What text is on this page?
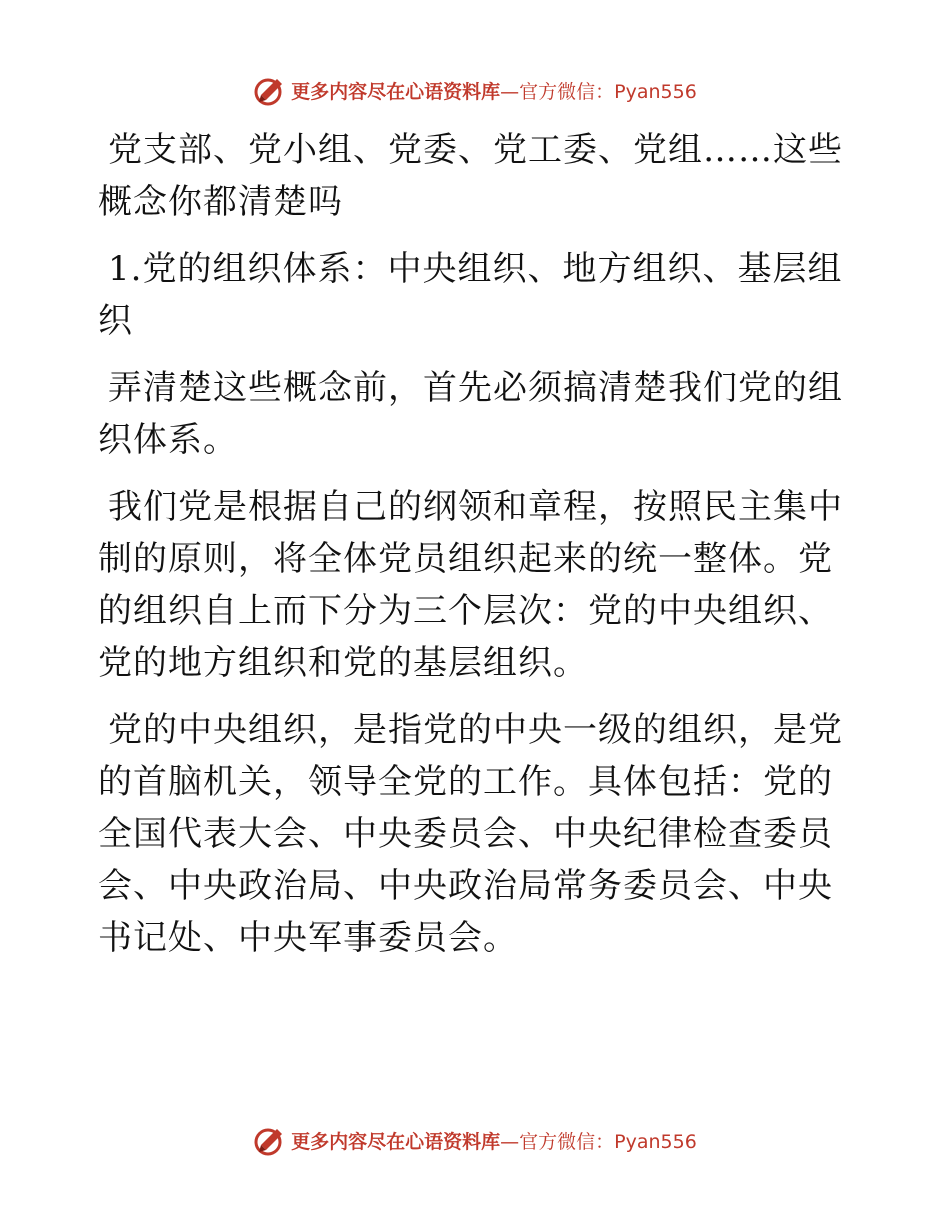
更多内容尽在心语资料库—官方微信：Pyan556

党支部、党小组、党委、党工委、党组……这些概念你都清楚吗

1.党的组织体系：中央组织、地方组织、基层组织

弄清楚这些概念前，首先必须搞清楚我们党的组织体系。

我们党是根据自己的纲领和章程，按照民主集中制的原则，将全体党员组织起来的统一整体。党的组织自上而下分为三个层次：党的中央组织、党的地方组织和党的基层组织。

党的中央组织，是指党的中央一级的组织，是党的首脑机关，领导全党的工作。具体包括：党的全国代表大会、中央委员会、中央纪律检查委员会、中央政治局、中央政治局常务委员会、中央书记处、中央军事委员会。

更多内容尽在心语资料库—官方微信：Pyan556
